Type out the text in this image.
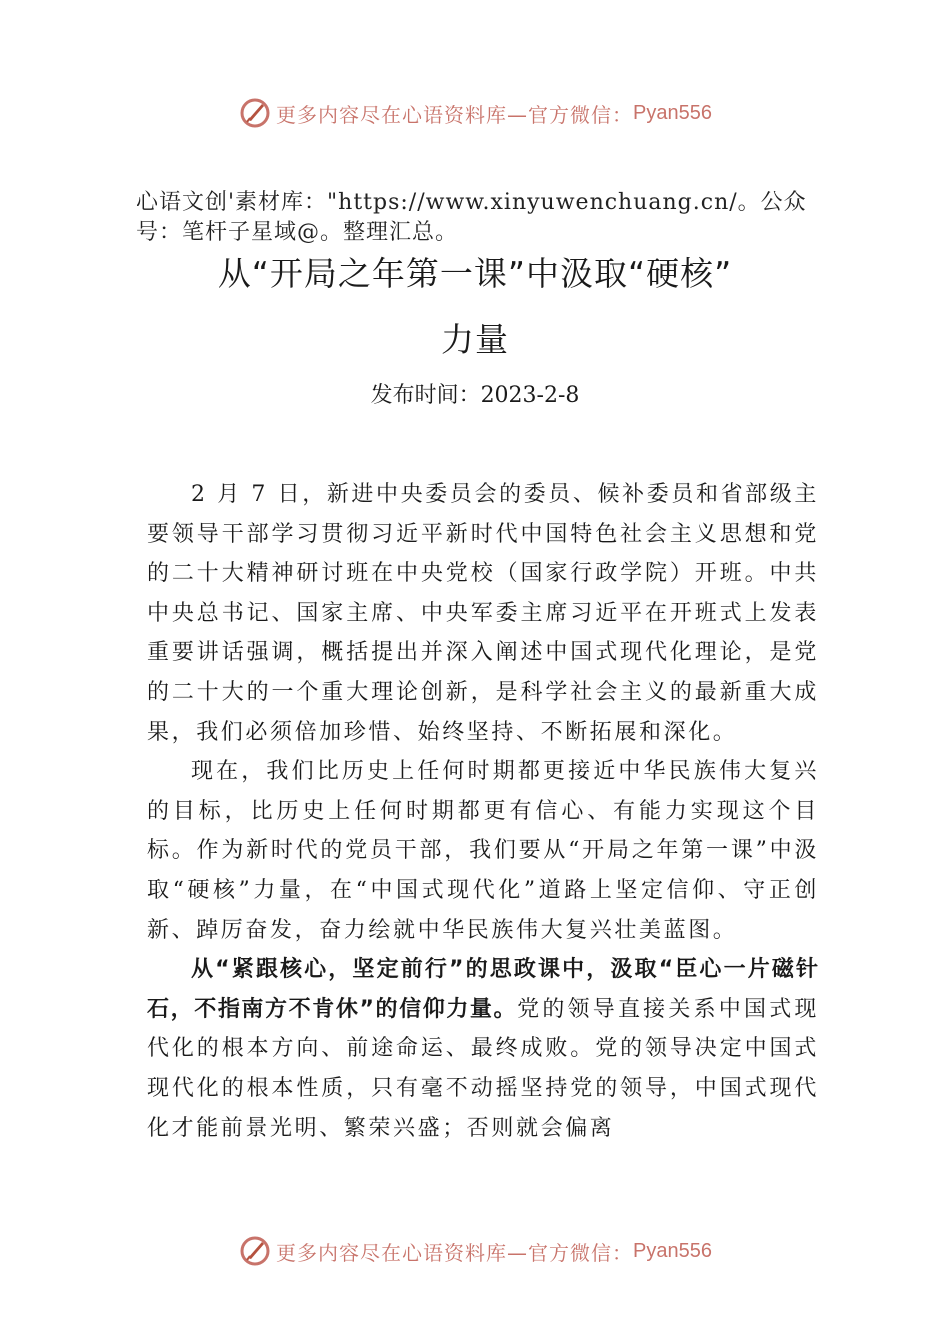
更多内容尽在心语资料库—官方微信： Pyan556
心语文创'素材库："https://www.xinyuwenchuang.cn/。公众号：笔杆子星域@。整理汇总。
从“开局之年第一课”中汲取“硬核”
力量
发布时间：2023-2-8

2 月 7 日，新进中央委员会的委员、候补委员和省部级主要领导干部学习贯彻习近平新时代中国特色社会主义思想和党的二十大精神研讨班在中央党校（国家行政学院）开班。中共中央总书记、国家主席、中央军委主席习近平在开班式上发表重要讲话强调，概括提出并深入阐述中国式现代化理论，是党的二十大的一个重大理论创新，是科学社会主义的最新重大成果，我们必须倍加珍惜、始终坚持、不断拓展和深化。

现在，我们比历史上任何时期都更接近中华民族伟大复兴的目标，比历史上任何时期都更有信心、有能力实现这个目标。作为新时代的党员干部，我们要从“开局之年第一课”中汲取“硬核”力量，在“中国式现代化”道路上坚定信仰、守正创新、踔厉奋发，奋力绘就中华民族伟大复兴壮美蓝图。

从“紧跟核心，坚定前行”的思政课中，汲取“臣心一片磁针石，不指南方不肯休”的信仰力量。党的领导直接关系中国式现代化的根本方向、前途命运、最终成败。党的领导决定中国式现代化的根本性质，只有毫不动摇坚持党的领导，中国式现代化才能前景光明、繁荣兴盛；否则就会偏离

更多内容尽在心语资料库—官方微信： Pyan556
